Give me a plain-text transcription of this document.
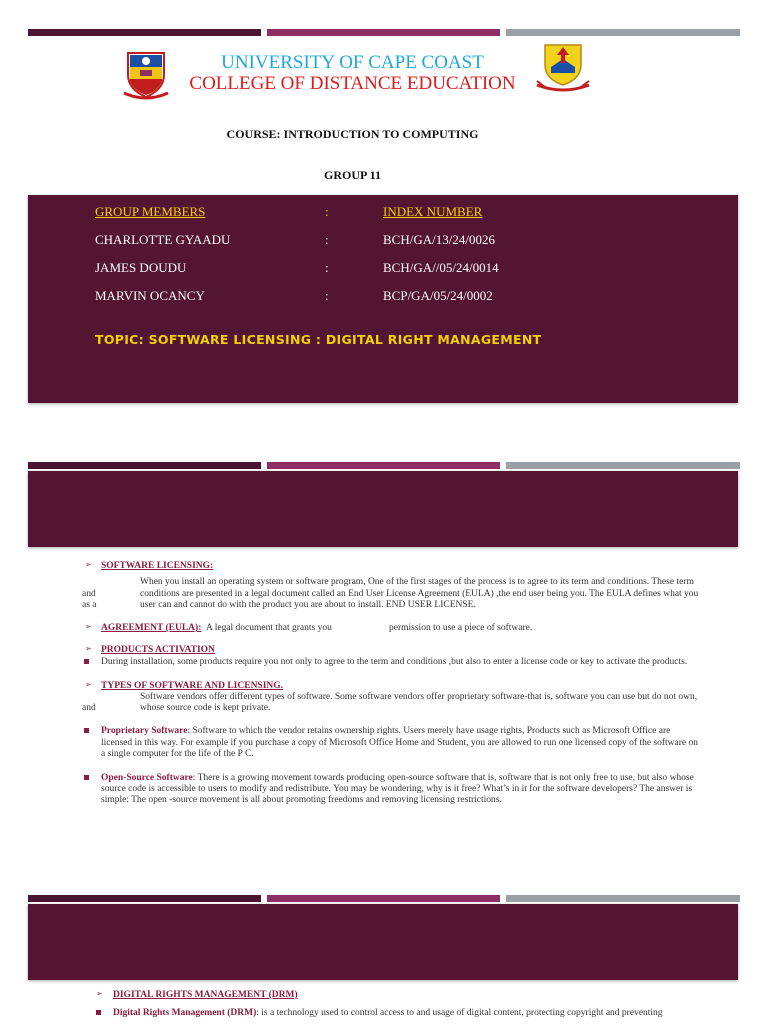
UNIVERSITY OF CAPE COAST
COLLEGE OF DISTANCE EDUCATION
COURSE: INTRODUCTION TO COMPUTING
GROUP 11
GROUP MEMBERS	:	INDEX NUMBER
CHARLOTTE GYAADU	:	BCH/GA/13/24/0026
JAMES DOUDU	:	BCH/GA//05/24/0014
MARVIN OCANCY	:	BCP/GA/05/24/0002
TOPIC: SOFTWARE LICENSING : DIGITAL RIGHT MANAGEMENT
➢ SOFTWARE LICENSING:
When you install an operating system or software program, One of the first stages of the process is to agree to its term and conditions. These term
and	conditions are presented in a legal document called an End User License Agreement (EULA) ,the end user being you. The EULA defines what you
as a	user can and cannot do with the product you are about to install. END USER LICENSE.
➢ AGREEMENT (EULA): A legal document that grants you	permission to use a piece of software.
➢ PRODUCTS ACTIVATION
During installation, some products require you not only to agree to the term and conditions ,but also to enter a license code or key to activate the products.
➢ TYPES OF SOFTWARE AND LICENSING.
Software vendors offer different types of software. Some software vendors offer proprietary software-that is, software you can use but do not own,
and	whose source code is kept private.
Proprietary Software: Software to which the vendor retains ownership rights. Users merely have usage rights, Products such as Microsoft Office are
licensed in this way. For example if you purchase a copy of Microsoft Office Home and Student, you are allowed to run one licensed copy of the software on
a single computer for the life of the P C.
Open-Source Software: There is a growing movement towards producing open-source software that is, software that is not only free to use, but also whose
source code is accessible to users to modify and redistribute. You may be wondering, why is it free? What’s in it for the software developers? The answer is
simple: The open -source movement is all about promoting freedoms and removing licensing restrictions.
➢ DIGITAL RIGHTS MANAGEMENT (DRM)
Digital Rights Management (DRM): is a technology used to control access to and usage of digital content, protecting copyright and preventing
